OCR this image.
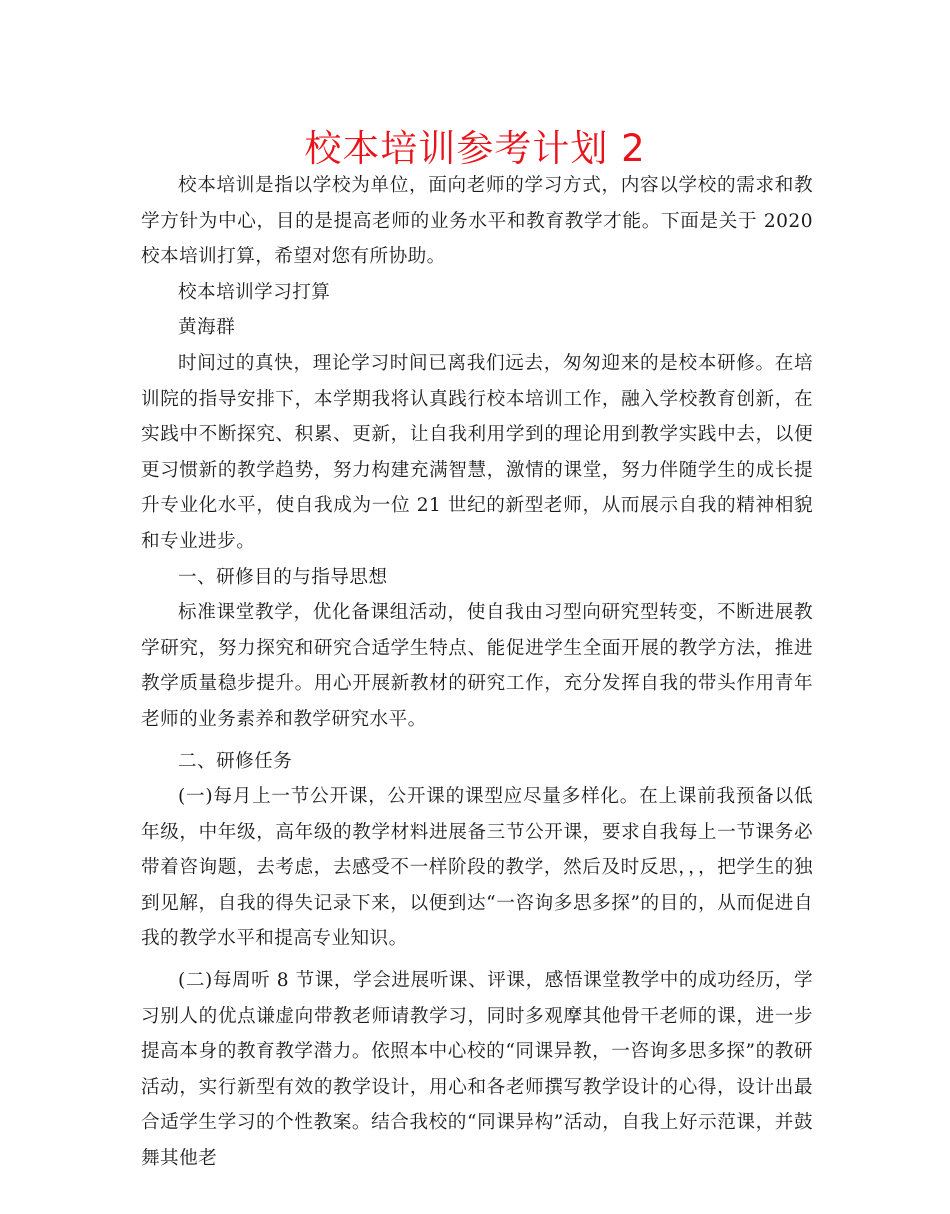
校本培训参考计划 2

校本培训是指以学校为单位，面向老师的学习方式，内容以学校的需求和教学方针为中心，目的是提高老师的业务水平和教育教学才能。下面是关于 2020 校本培训打算，希望对您有所协助。

校本培训学习打算

黄海群

时间过的真快，理论学习时间已离我们远去，匆匆迎来的是校本研修。在培训院的指导安排下，本学期我将认真践行校本培训工作，融入学校教育创新，在实践中不断探究、积累、更新，让自我利用学到的理论用到教学实践中去，以便更习惯新的教学趋势，努力构建充满智慧，激情的课堂，努力伴随学生的成长提升专业化水平，使自我成为一位 21 世纪的新型老师，从而展示自我的精神相貌和专业进步。

一、研修目的与指导思想

标准课堂教学，优化备课组活动，使自我由习型向研究型转变，不断进展教学研究，努力探究和研究合适学生特点、能促进学生全面开展的教学方法，推进教学质量稳步提升。用心开展新教材的研究工作，充分发挥自我的带头作用青年老师的业务素养和教学研究水平。

二、研修任务

(一)每月上一节公开课，公开课的课型应尽量多样化。在上课前我预备以低年级，中年级，高年级的教学材料进展备三节公开课，要求自我每上一节课务必带着咨询题，去考虑，去感受不一样阶段的教学，然后及时反思，，，把学生的独到见解，自我的得失记录下来，以便到达“一咨询多思多探”的目的，从而促进自我的教学水平和提高专业知识。

(二)每周听 8 节课，学会进展听课、评课，感悟课堂教学中的成功经历，学习别人的优点谦虚向带教老师请教学习，同时多观摩其他骨干老师的课，进一步提高本身的教育教学潜力。依照本中心校的“同课异教，一咨询多思多探”的教研活动，实行新型有效的教学设计，用心和各老师撰写教学设计的心得，设计出最合适学生学习的个性教案。结合我校的“同课异构”活动，自我上好示范课，并鼓舞其他老
